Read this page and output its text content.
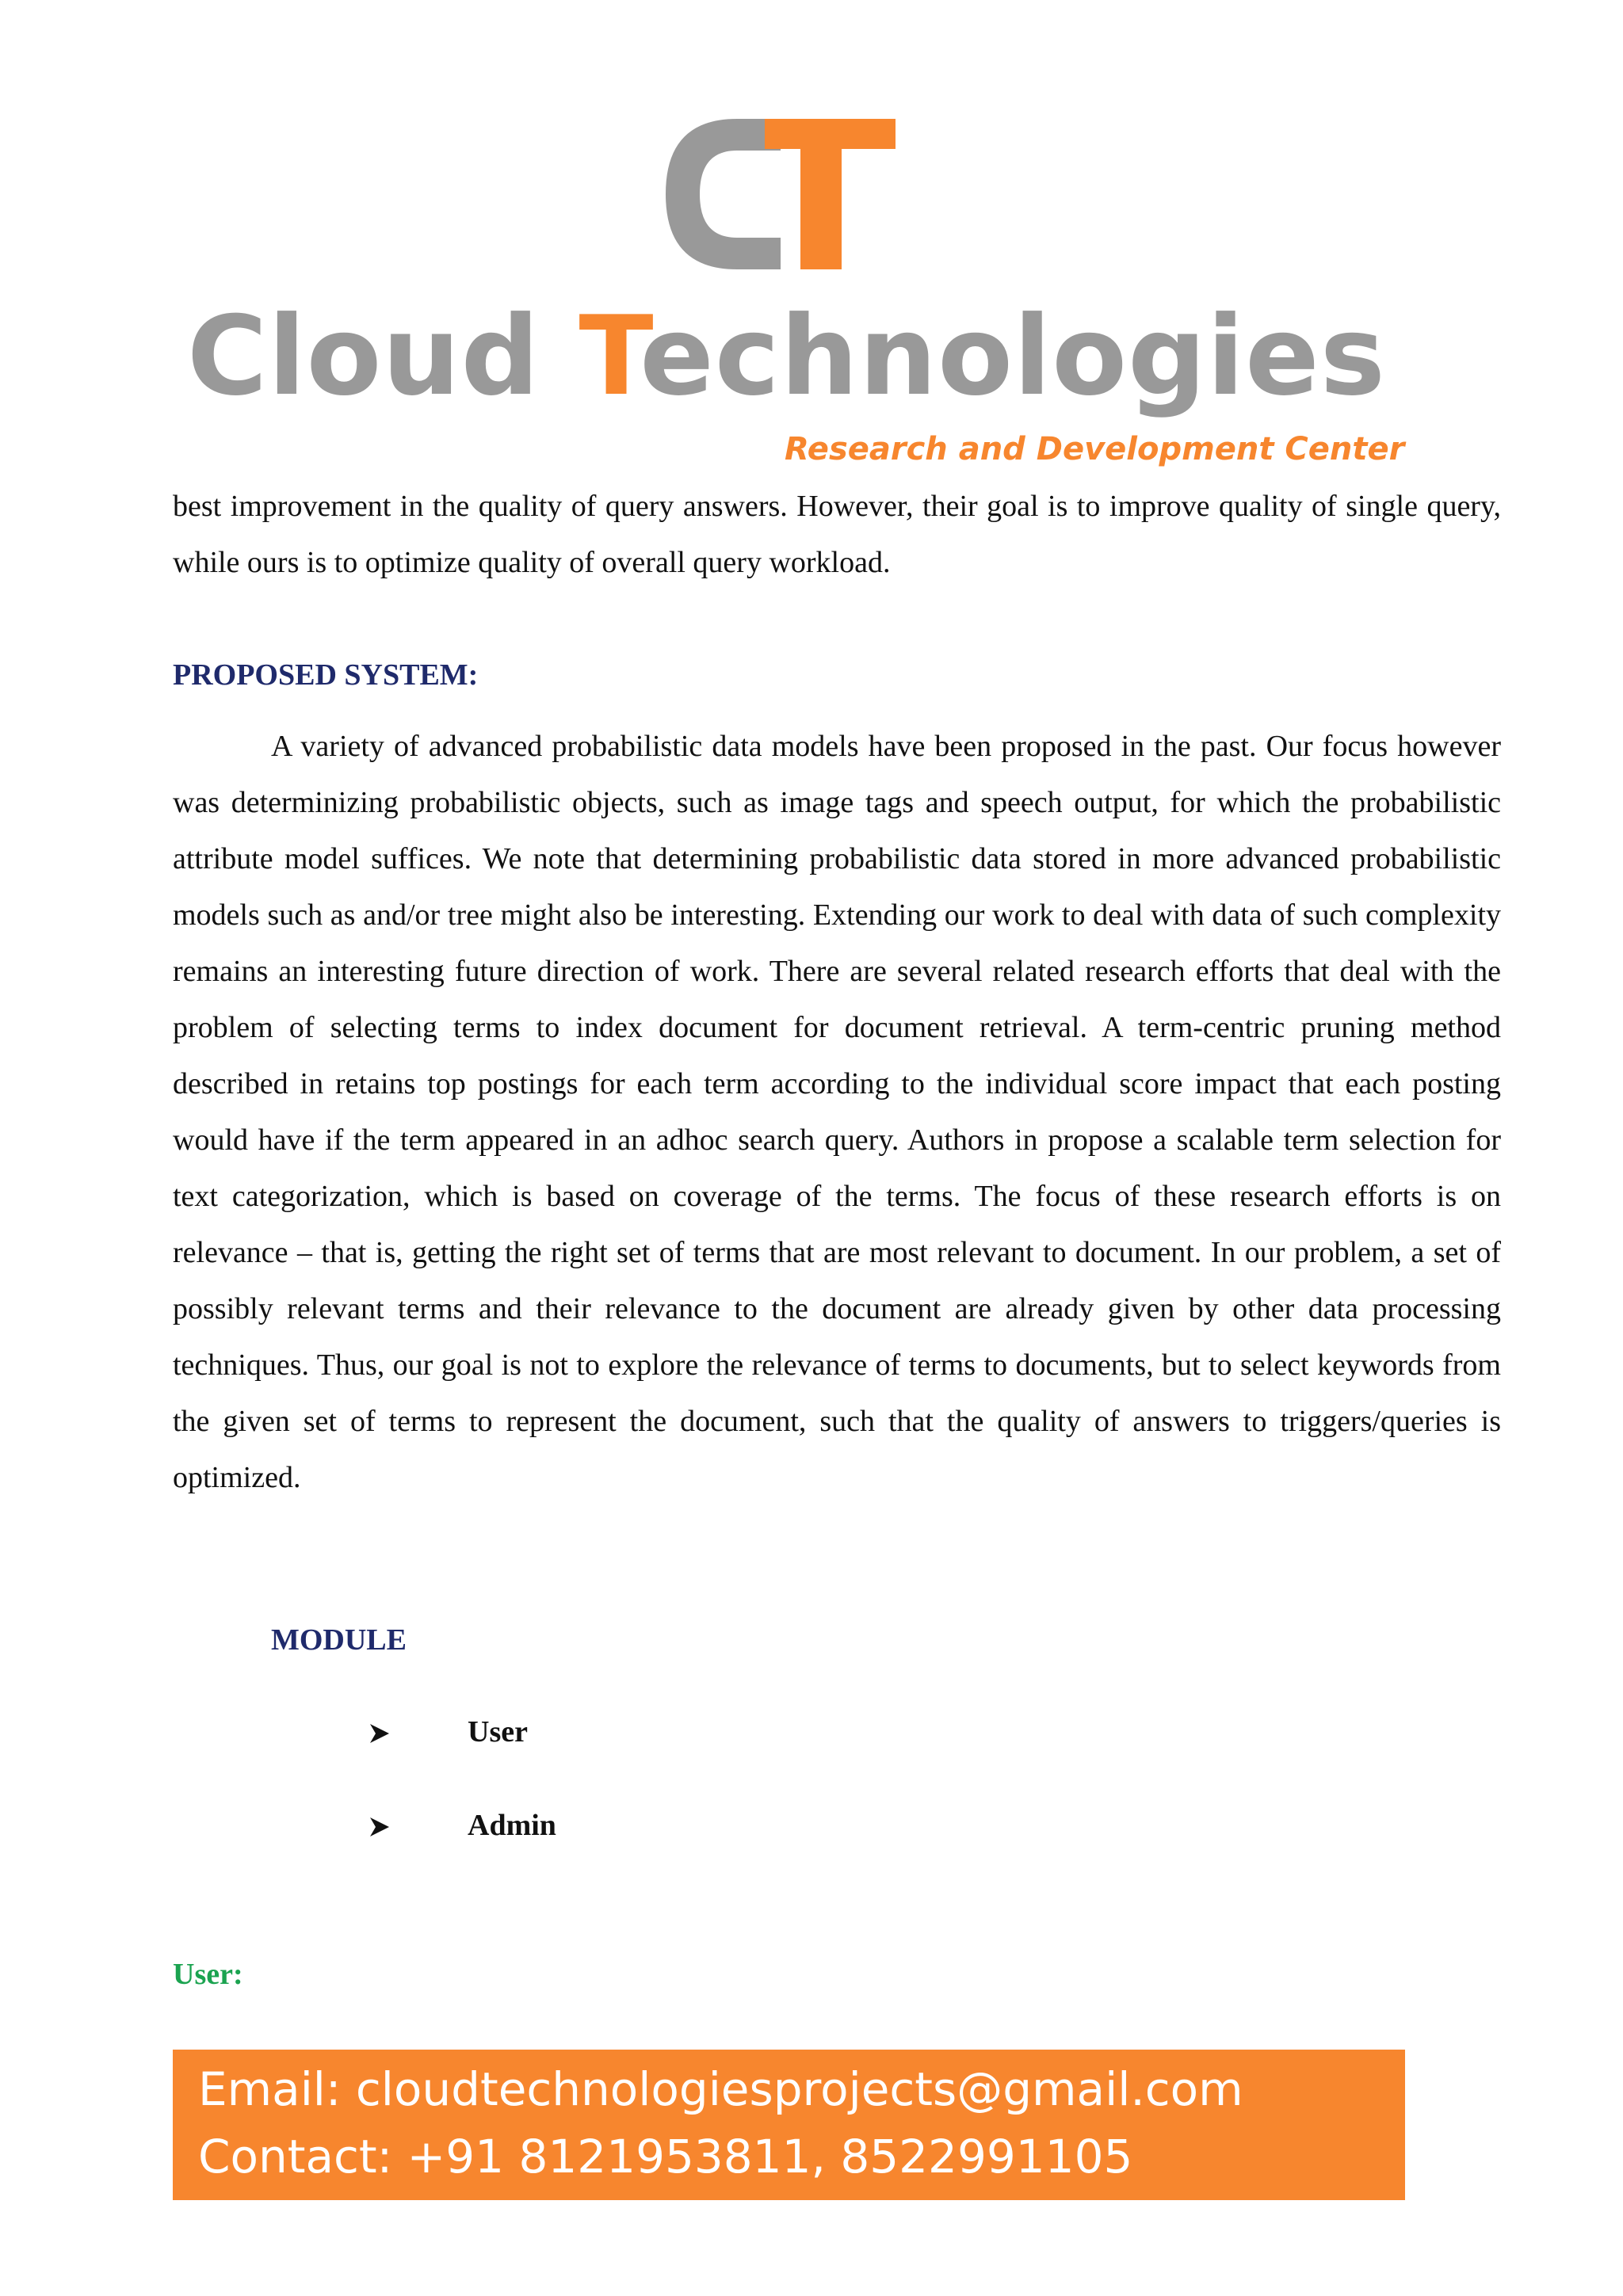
Cloud Technologies
Research and Development Center

best improvement in the quality of query answers. However, their goal is to improve quality of single query, while ours is to optimize quality of overall query workload.

PROPOSED SYSTEM:

A variety of advanced probabilistic data models have been proposed in the past. Our focus however was determinizing probabilistic objects, such as image tags and speech output, for which the probabilistic attribute model suffices. We note that determining probabilistic data stored in more advanced probabilistic models such as and/or tree might also be interesting. Extending our work to deal with data of such complexity remains an interesting future direction of work. There are several related research efforts that deal with the problem of selecting terms to index document for document retrieval. A term-centric pruning method described in retains top postings for each term according to the individual score impact that each posting would have if the term appeared in an adhoc search query. Authors in propose a scalable term selection for text categorization, which is based on coverage of the terms. The focus of these research efforts is on relevance – that is, getting the right set of terms that are most relevant to document. In our problem, a set of possibly relevant terms and their relevance to the document are already given by other data processing techniques. Thus, our goal is not to explore the relevance of terms to documents, but to select keywords from the given set of terms to represent the document, such that the quality of answers to triggers/queries is optimized.

MODULE
User
Admin
User:
Email: cloudtechnologiesprojects@gmail.com
Contact: +91 8121953811, 8522991105
